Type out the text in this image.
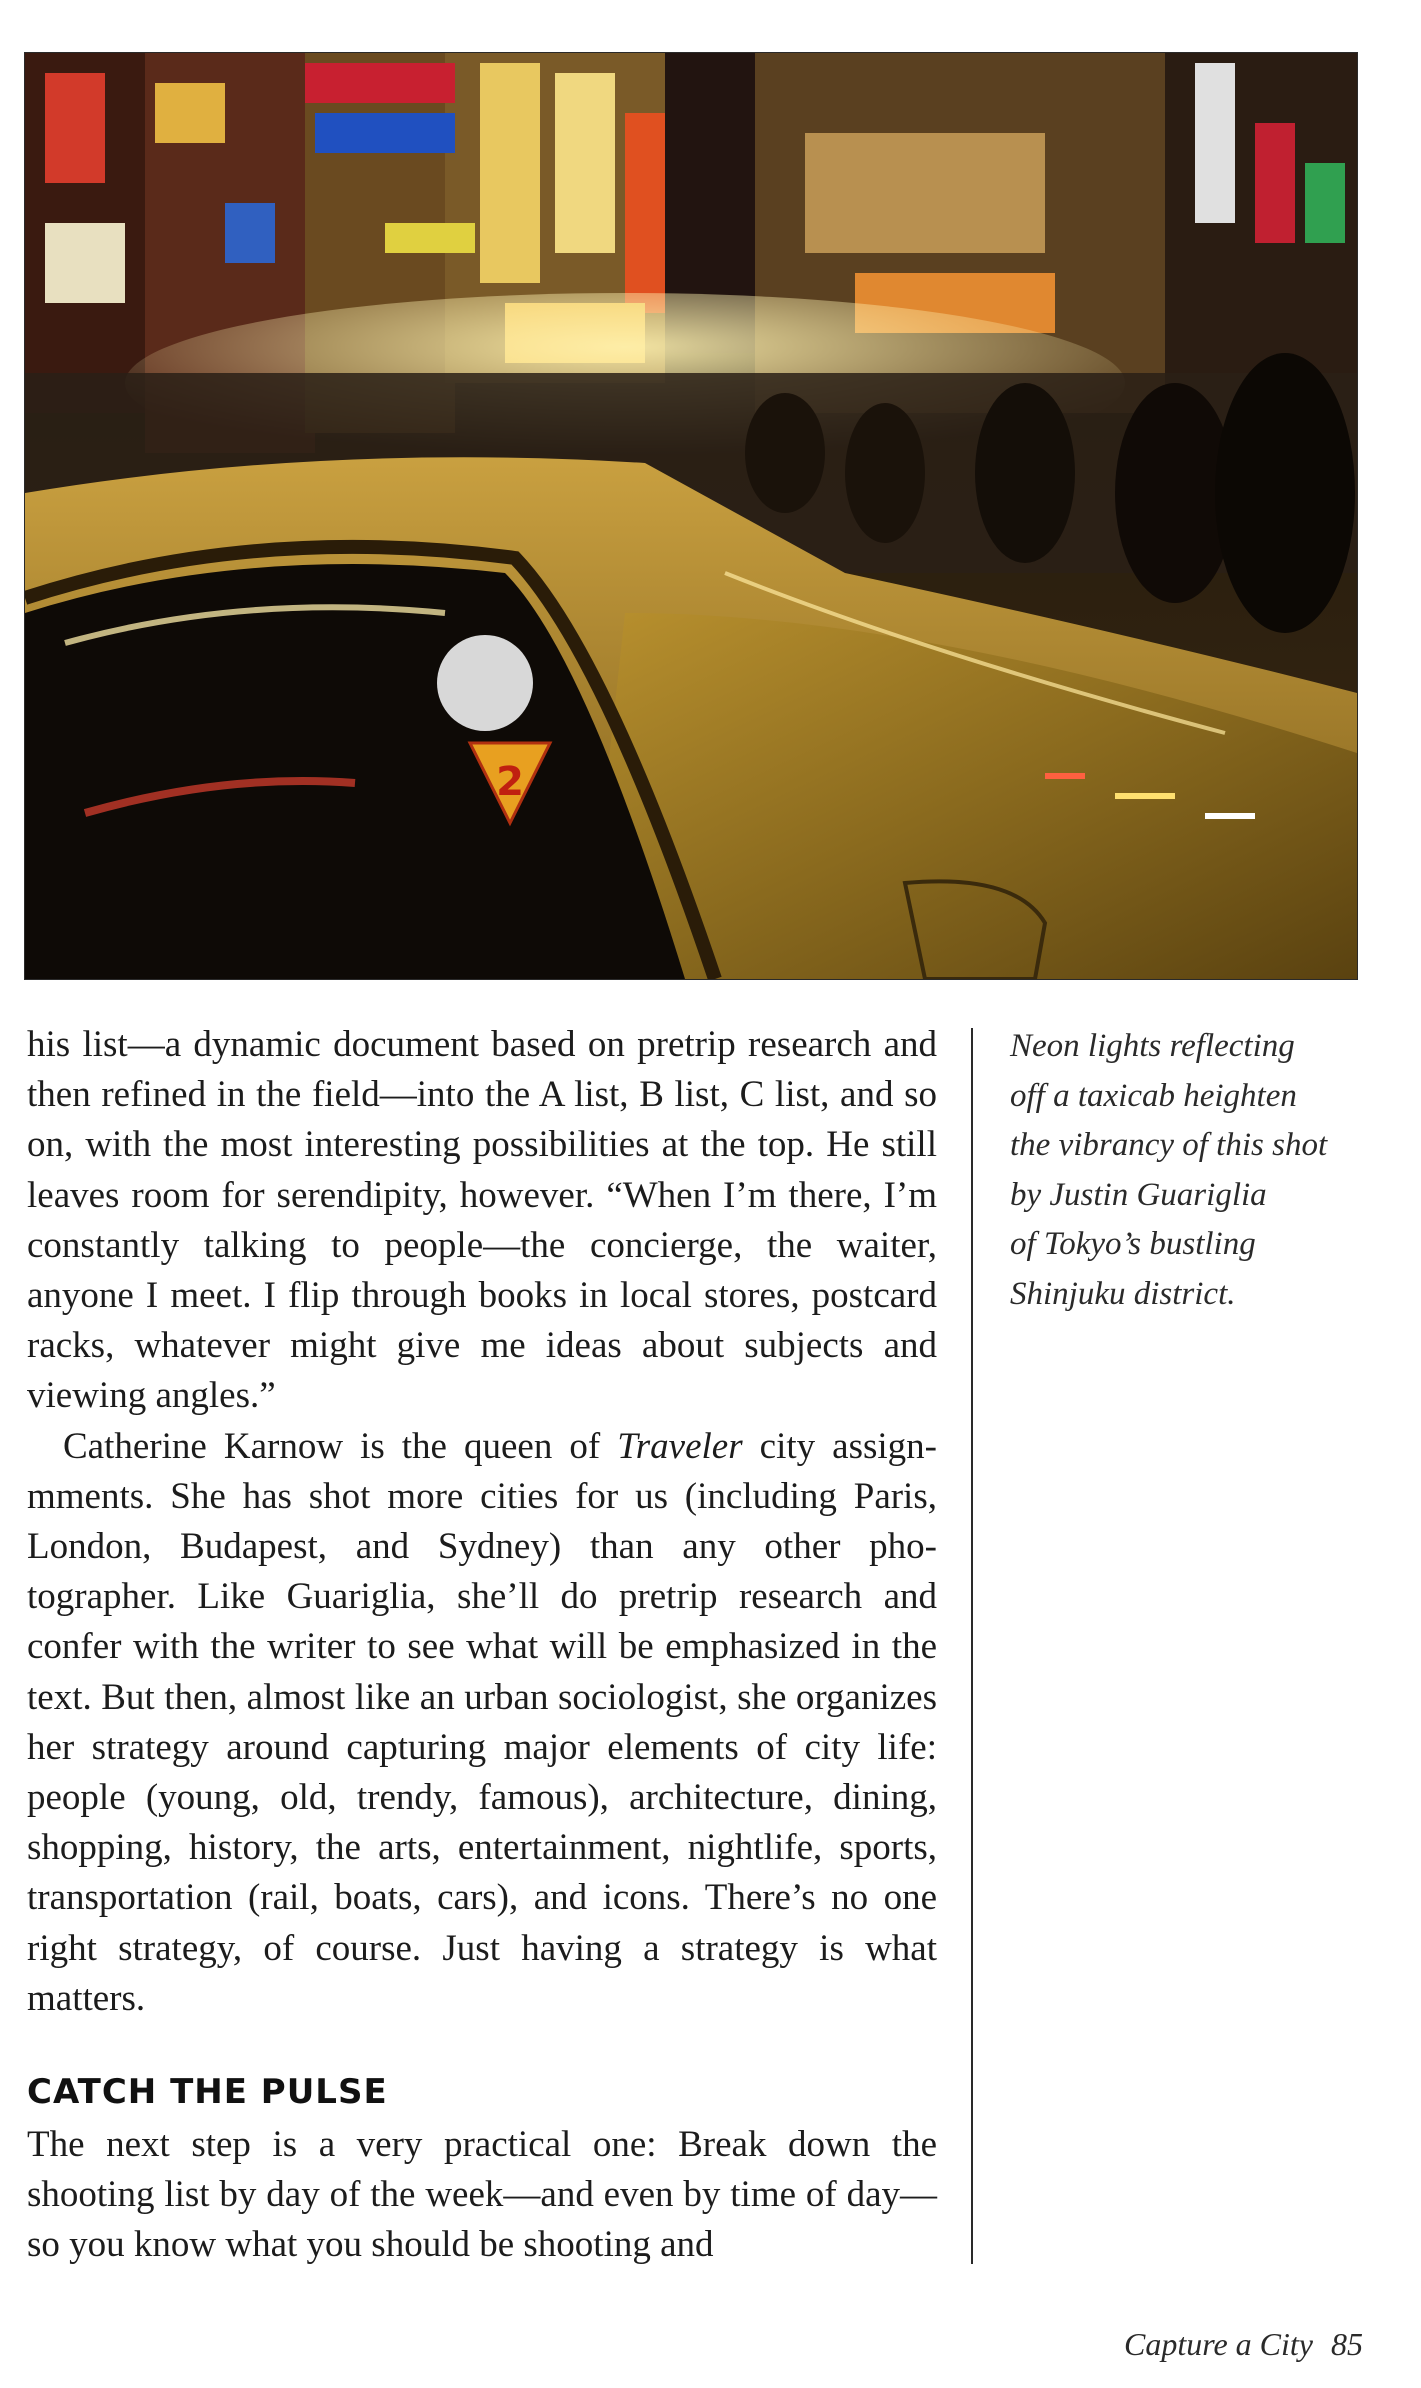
2

his list—a dynamic document based on pretrip research and then refined in the field—into the A list, B list, C list, and so on, with the most interesting possibilities at the top. He still leaves room for serendipity, however. “When I’m there, I’m constantly talking to people—the concierge, the waiter, anyone I meet. I flip through books in local stores, postcard racks, whatever might give me ideas about subjects and viewing angles.”

Catherine Karnow is the queen of Traveler city assignmments. She has shot more cities for us (including Paris, London, Budapest, and Sydney) than any other photographer. Like Guariglia, she’ll do pretrip research and confer with the writer to see what will be emphasized in the text. But then, almost like an urban sociologist, she organizes her strategy around capturing major elements of city life: people (young, old, trendy, famous), architecture, dining, shopping, history, the arts, entertainment, nightlife, sports, transportation (rail, boats, cars), and icons. There’s no one right strategy, of course. Just having a strategy is what matters.

CATCH THE PULSE

The next step is a very practical one: Break down the shooting list by day of the week—and even by time of day—so you know what you should be shooting and

Neon lights reflecting
off a taxicab heighten
the vibrancy of this shot
by Justin Guariglia
of Tokyo’s bustling
Shinjuku district.
Capture a City 85
